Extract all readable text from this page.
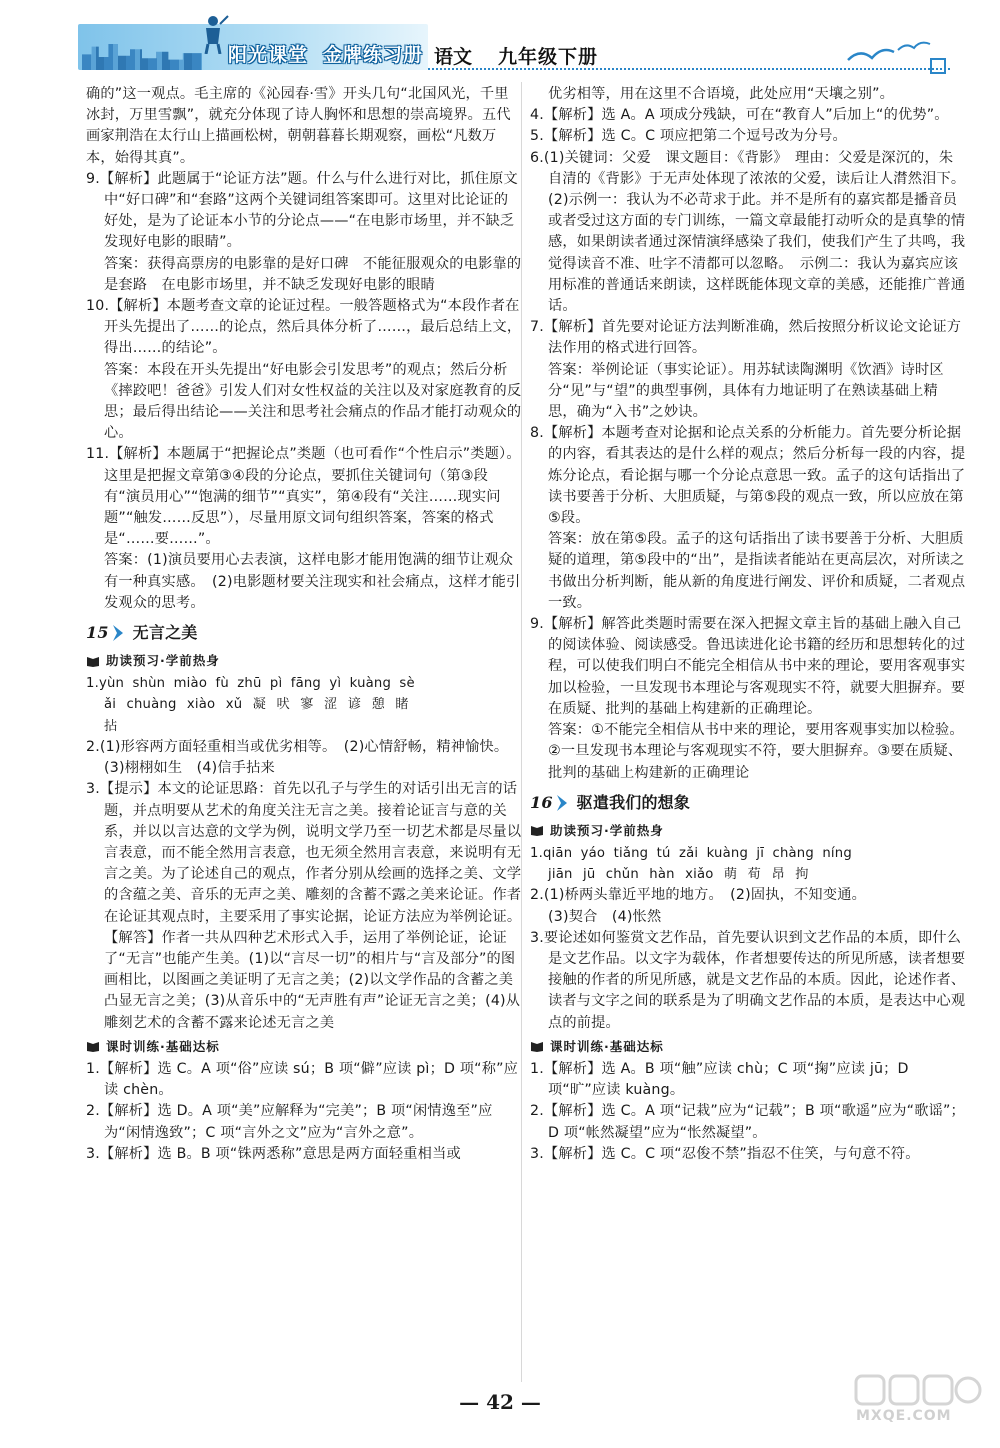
阳光课堂 金牌练习册 语文 九年级下册

确的”这一观点。毛主席的《沁园春·雪》开头几句“北国风光，千里冰封，万里雪飘”，就充分体现了诗人胸怀和思想的崇高境界。五代画家荆浩在太行山上描画松树，朝朝暮暮长期观察，画松“凡数万本，始得其真”。

9.【解析】此题属于“论证方法”题。什么与什么进行对比，抓住原文中“好口碑”和“套路”这两个关键词组答案即可。这里对比论证的好处，是为了论证本小节的分论点——“在电影市场里，并不缺乏发现好电影的眼睛”。

答案：获得高票房的电影靠的是好口碑　不能征服观众的电影靠的是套路　在电影市场里，并不缺乏发现好电影的眼睛

10.【解析】本题考查文章的论证过程。一般答题格式为“本段作者在开头先提出了……的论点，然后具体分析了……，最后总结上文，得出……的结论”。

答案：本段在开头先提出“好电影会引发思考”的观点；然后分析《摔跤吧！爸爸》引发人们对女性权益的关注以及对家庭教育的反思；最后得出结论——关注和思考社会痛点的作品才能打动观众的心。

11.【解析】本题属于“把握论点”类题（也可看作“个性启示”类题）。这里是把握文章第③④段的分论点，要抓住关键词句（第③段有“演员用心”“饱满的细节”“真实”，第④段有“关注……现实问题”“触发……反思”），尽量用原文词句组织答案，答案的格式是“……要……”。

答案：(1)演员要用心去表演，这样电影才能用饱满的细节让观众有一种真实感。　(2)电影题材要关注现实和社会痛点，这样才能引发观众的思考。

15 无言之美
助读预习·学前热身

1.yùn shùn miào fù zhū pì fāng yì kuàng sè

ǎi chuàng xiào xǔ 凝 吠 寥 涩 谚 憩 睹

拈

2.(1)形容两方面轻重相当或优劣相等。　(2)心情舒畅，精神愉快。　(3)栩栩如生　(4)信手拈来

3.【提示】本文的论证思路：首先以孔子与学生的对话引出无言的话题，并点明要从艺术的角度关注无言之美。接着论证言与意的关系，并以以言达意的文学为例，说明文学乃至一切艺术都是尽量以言表意，而不能全然用言表意，也无须全然用言表意，来说明有无言之美。为了论述自己的观点，作者分别从绘画的选择之美、文学的含蕴之美、音乐的无声之美、雕刻的含蓄不露之美来论证。作者在论证其观点时，主要采用了事实论据，论证方法应为举例论证。

【解答】作者一共从四种艺术形式入手，运用了举例论证，论证了“无言”也能产生美。(1)以“言尽一切”的相片与“言及部分”的图画相比，以图画之美证明了无言之美；(2)以文学作品的含蓄之美凸显无言之美；(3)从音乐中的“无声胜有声”论证无言之美；(4)从雕刻艺术的含蓄不露来论述无言之美

课时训练·基础达标

1.【解析】选 C。A 项“俗”应读 sú；B 项“僻”应读 pì；D 项“称”应读 chèn。

2.【解析】选 D。A 项“美”应解释为“完美”；B 项“闲情逸至”应为“闲情逸致”；C 项“言外之文”应为“言外之意”。

3.【解析】选 B。B 项“铢两悉称”意思是两方面轻重相当或

优劣相等，用在这里不合语境，此处应用“天壤之别”。

4.【解析】选 A。A 项成分残缺，可在“教育人”后加上“的优势”。

5.【解析】选 C。C 项应把第二个逗号改为分号。

6.(1)关键词：父爱　课文题目：《背影》　理由：父爱是深沉的，朱自清的《背影》于无声处体现了浓浓的父爱，读后让人潸然泪下。

(2)示例一：我认为不必苛求于此。并不是所有的嘉宾都是播音员或者受过这方面的专门训练，一篇文章最能打动听众的是真挚的情感，如果朗读者通过深情演绎感染了我们，使我们产生了共鸣，我觉得读音不准、吐字不清都可以忽略。　示例二：我认为嘉宾应该用标准的普通话来朗读，这样既能体现文章的美感，还能推广普通话。

7.【解析】首先要对论证方法判断准确，然后按照分析议论文论证方法作用的格式进行回答。

答案：举例论证（事实论证）。用苏轼读陶渊明《饮酒》诗时区分“见”与“望”的典型事例，具体有力地证明了在熟读基础上精思，确为“入书”之妙诀。

8.【解析】本题考查对论据和论点关系的分析能力。首先要分析论据的内容，看其表达的是什么样的观点；然后分析每一段的内容，提炼分论点，看论据与哪一个分论点意思一致。孟子的这句话指出了读书要善于分析、大胆质疑，与第⑤段的观点一致，所以应放在第⑤段。

答案：放在第⑤段。孟子的这句话指出了读书要善于分析、大胆质疑的道理，第⑤段中的“出”，是指读者能站在更高层次，对所读之书做出分析判断，能从新的角度进行阐发、评价和质疑，二者观点一致。

9.【解析】解答此类题时需要在深入把握文章主旨的基础上融入自己的阅读体验、阅读感受。鲁迅读进化论书籍的经历和思想转化的过程，可以使我们明白不能完全相信从书中来的理论，要用客观事实加以检验，一旦发现书本理论与客观现实不符，就要大胆摒弃。要在质疑、批判的基础上构建新的正确理论。

答案：①不能完全相信从书中来的理论，要用客观事实加以检验。②一旦发现书本理论与客观现实不符，要大胆摒弃。③要在质疑、批判的基础上构建新的正确理论

16 驱遣我们的想象
助读预习·学前热身

1.qiān yáo tiǎng tú zǎi kuàng jī chàng níng

jiān jū chǔn hàn xiǎo 萌 荀 昂 拘

2.(1)桥两头靠近平地的地方。　(2)固执，不知变通。

(3)契合　(4)怅然

3.要论述如何鉴赏文艺作品，首先要认识到文艺作品的本质，即什么是文艺作品。以文字为载体，作者想要传达的所见所感，读者想要接触的作者的所见所感，就是文艺作品的本质。因此，论述作者、读者与文字之间的联系是为了明确文艺作品的本质，是表达中心观点的前提。

课时训练·基础达标

1.【解析】选 A。B 项“触”应读 chù；C 项“掬”应读 jū；D 项“旷”应读 kuàng。

2.【解析】选 C。A 项“记栽”应为“记载”；B 项“歌遥”应为“歌谣”；D 项“帐然凝望”应为“怅然凝望”。

3.【解析】选 C。C 项“忍俊不禁”指忍不住笑，与句意不符。

— 42 —
MXQE.COM
